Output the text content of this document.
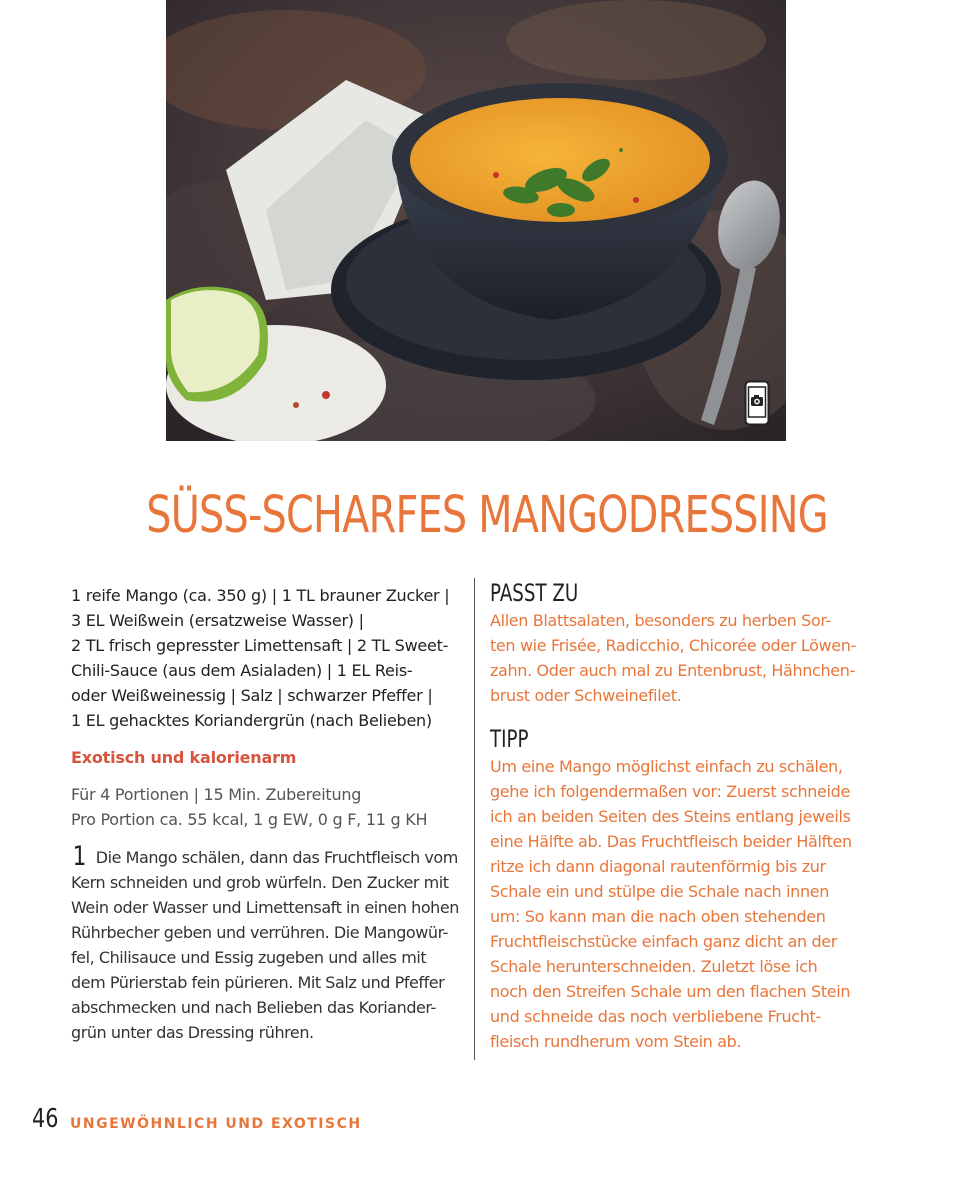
SÜSS-SCHARFES MANGODRESSING

1 reife Mango (ca. 350 g) | 1 TL brauner Zucker |

3 EL Weißwein (ersatzweise Wasser) |

2 TL frisch gepresster Limettensaft | 2 TL Sweet-

Chili-Sauce (aus dem Asialaden) | 1 EL Reis-

oder Weißweinessig | Salz | schwarzer Pfeffer |

1 EL gehacktes Koriandergrün (nach Belieben)

Exotisch und kalorienarm

Für 4 Portionen | 15 Min. Zubereitung

Pro Portion ca. 55 kcal, 1 g EW, 0 g F, 11 g KH

1 Die Mango schälen, dann das Fruchtfleisch vom

Kern schneiden und grob würfeln. Den Zucker mit

Wein oder Wasser und Limettensaft in einen hohen

Rührbecher geben und verrühren. Die Mangowür-

fel, Chilisauce und Essig zugeben und alles mit

dem Pürierstab fein pürieren. Mit Salz und Pfeffer

abschmecken und nach Belieben das Koriander-

grün unter das Dressing rühren.

PASST ZU

Allen Blattsalaten, besonders zu herben Sor-

ten wie Frisée, Radicchio, Chicorée oder Löwen-

zahn. Oder auch mal zu Entenbrust, Hähnchen-

brust oder Schweinefilet.

TIPP

Um eine Mango möglichst einfach zu schälen,

gehe ich folgendermaßen vor: Zuerst schneide

ich an beiden Seiten des Steins entlang jeweils

eine Hälfte ab. Das Fruchtfleisch beider Hälften

ritze ich dann diagonal rautenförmig bis zur

Schale ein und stülpe die Schale nach innen

um: So kann man die nach oben stehenden

Fruchtfleischstücke einfach ganz dicht an der

Schale herunterschneiden. Zuletzt löse ich

noch den Streifen Schale um den flachen Stein

und schneide das noch verbliebene Frucht-

fleisch rundherum vom Stein ab.

46 UNGEWÖHNLICH UND EXOTISCH
